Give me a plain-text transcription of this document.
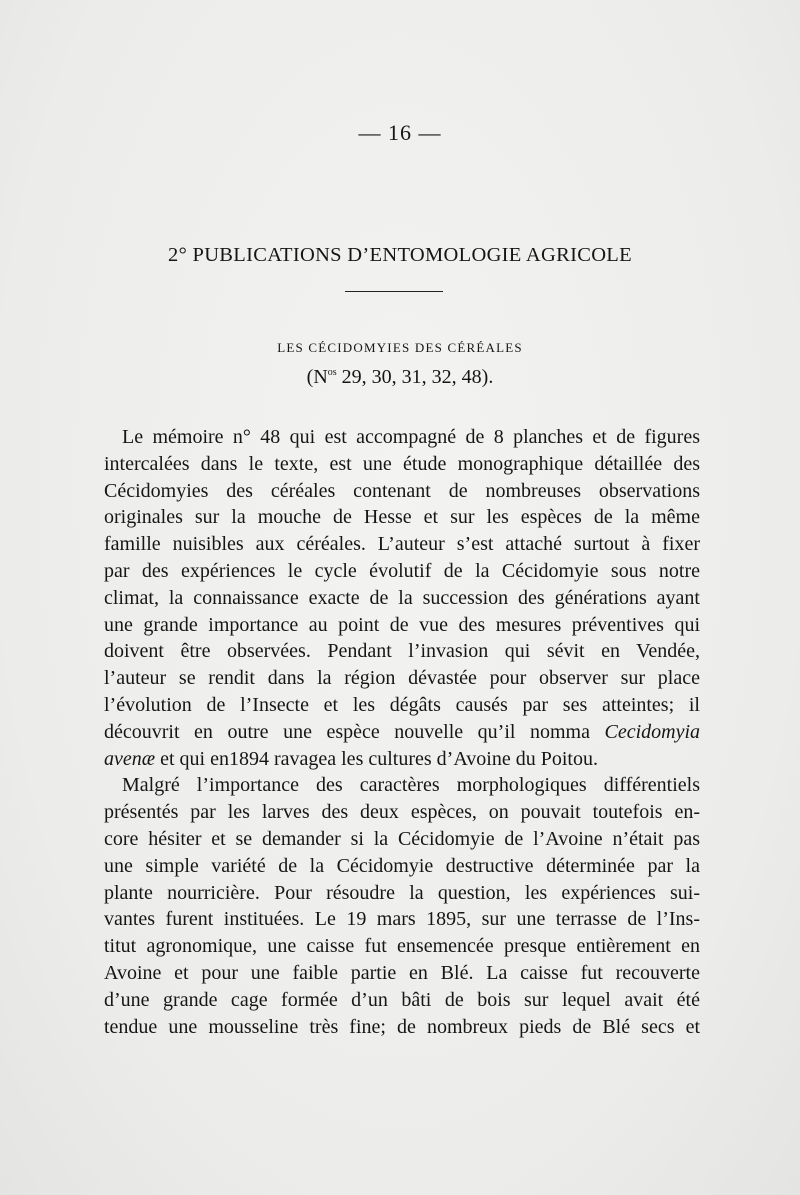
— 16 —
2° PUBLICATIONS D’ENTOMOLOGIE AGRICOLE
LES CÉCIDOMYIES DES CÉRÉALES
($N^{os}$ 29, 30, 31, 32, 48).
Le mémoire n° 48 qui est accompagné de 8 planches et de figures
intercalées dans le texte, est une étude monographique détaillée des
Cécidomyies des céréales contenant de nombreuses observations
originales sur la mouche de Hesse et sur les espèces de la même
famille nuisibles aux céréales. L’auteur s’est attaché surtout à fixer
par des expériences le cycle évolutif de la Cécidomyie sous notre
climat, la connaissance exacte de la succession des générations ayant
une grande importance au point de vue des mesures préventives qui
doivent être observées. Pendant l’invasion qui sévit en Vendée,
l’auteur se rendit dans la région dévastée pour observer sur place
l’évolution de l’Insecte et les dégâts causés par ses atteintes; il
découvrit en outre une espèce nouvelle qu’il nomma Cecidomyia
avenæ et qui en1894 ravagea les cultures d’Avoine du Poitou.
Malgré l’importance des caractères morphologiques différentiels
présentés par les larves des deux espèces, on pouvait toutefois en-
core hésiter et se demander si la Cécidomyie de l’Avoine n’était pas
une simple variété de la Cécidomyie destructive déterminée par la
plante nourricière. Pour résoudre la question, les expériences sui-
vantes furent instituées. Le 19 mars 1895, sur une terrasse de l’Ins-
titut agronomique, une caisse fut ensemencée presque entièrement en
Avoine et pour une faible partie en Blé. La caisse fut recouverte
d’une grande cage formée d’un bâti de bois sur lequel avait été
tendue une mousseline très fine; de nombreux pieds de Blé secs et
